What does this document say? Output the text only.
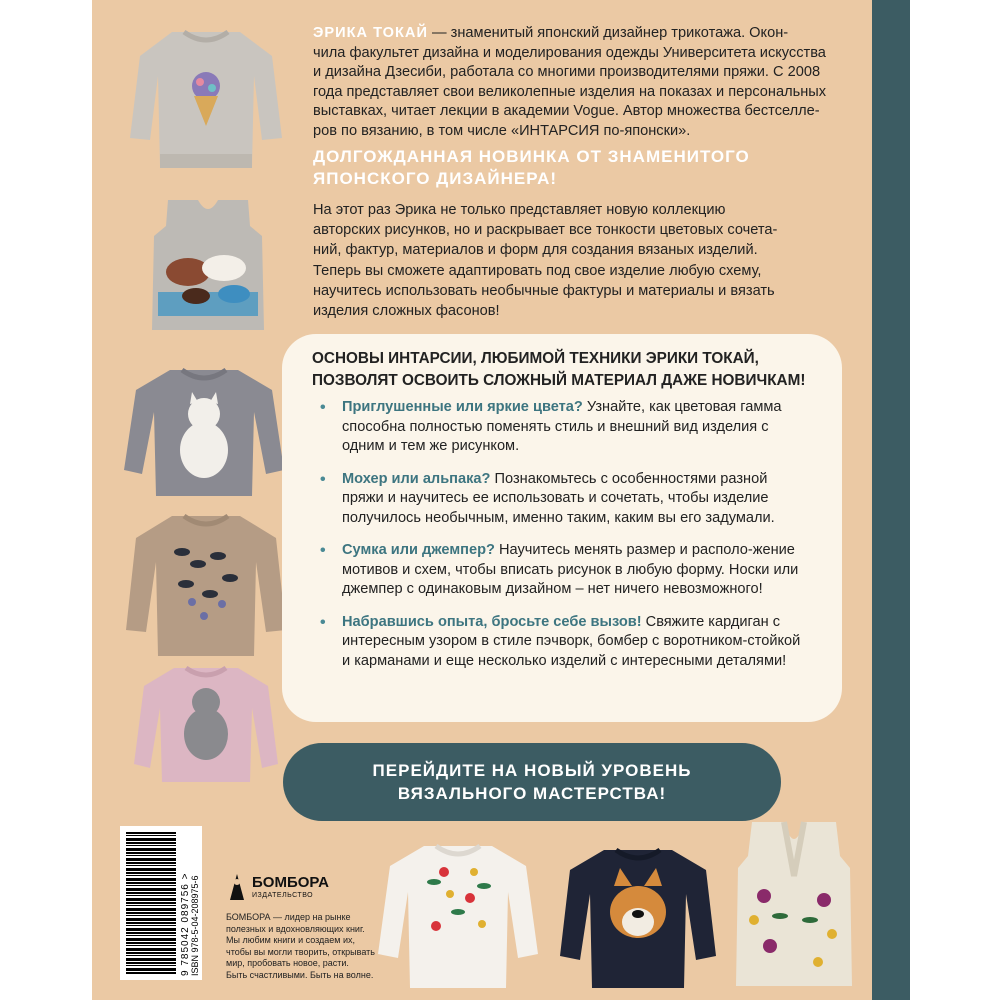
ЭРИКА ТОКАЙ — знаменитый японский дизайнер трикотажа. Окон-
чила факультет дизайна и моделирования одежды Университета искусства
и дизайна Дзесиби, работала со многими производителями пряжи. С 2008
года представляет свои великолепные изделия на показах и персональных
выставках, читает лекции в академии Vogue. Автор множества бестселле-
ров по вязанию, в том числе «ИНТАРСИЯ по-японски».
ДОЛГОЖДАННАЯ НОВИНКА ОТ ЗНАМЕНИТОГО
ЯПОНСКОГО ДИЗАЙНЕРА!
На этот раз Эрика не только представляет новую коллекцию
авторских рисунков, но и раскрывает все тонкости цветовых сочета-
ний, фактур, материалов и форм для создания вязаных изделий.
Теперь вы сможете адаптировать под свое изделие любую схему,
научитесь использовать необычные фактуры и материалы и вязать
изделия сложных фасонов!
ОСНОВЫ ИНТАРСИИ, ЛЮБИМОЙ ТЕХНИКИ ЭРИКИ ТОКАЙ,
ПОЗВОЛЯТ ОСВОИТЬ СЛОЖНЫЙ МАТЕРИАЛ ДАЖЕ НОВИЧКАМ!
• Приглушенные или яркие цвета? Узнайте, как цветовая гамма способна полностью поменять стиль и внешний вид изделия с одним и тем же рисунком.
• Мохер или альпака? Познакомьтесь с особенностями разной пряжи и научитесь ее использовать и сочетать, чтобы изделие получилось необычным, именно таким, каким вы его задумали.
• Сумка или джемпер? Научитесь менять размер и располо-жение мотивов и схем, чтобы вписать рисунок в любую форму. Носки или джемпер с одинаковым дизайном – нет ничего невозможного!
• Набравшись опыта, бросьте себе вызов! Свяжите кардиган с интересным узором в стиле пэчворк, бомбер с воротником-стойкой и карманами и еще несколько изделий с интересными деталями!
ПЕРЕЙДИТЕ НА НОВЫЙ УРОВЕНЬ
ВЯЗАЛЬНОГО МАСТЕРСТВА!
9 785042 089756 > ISBN 978-5-04-208975-6	БОМБОРА
ИЗДАТЕЛЬСТВО
БОМБОРА — лидер на рынке
полезных и вдохновляющих книг.
Мы любим книги и создаем их,
чтобы вы могли творить, открывать
мир, пробовать новое, расти.
Быть счастливыми. Быть на волне.
